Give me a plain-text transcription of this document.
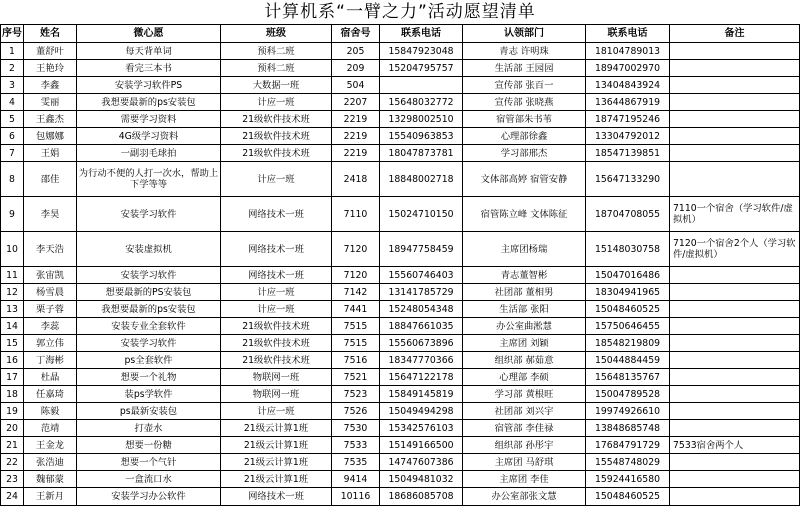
计算机系“一臂之力”活动愿望清单
序号	姓名	微心愿	班级	宿舍号	联系电话	认领部门	联系电话	备注
1	董舒叶	每天背单词	预科二班	205	15847923048	青志 许明珠	18104789013	
2	王艳玲	看完三本书	预科二班	209	15204795757	生活部 王园园	18947002970	
3	李鑫	安装学习软件PS	大数据一班	504		宣传部 张百一	13404843924	
4	雯丽	我想要最新的ps安装包	计应一班	2207	15648032772	宣传部 张晓燕	13644867919	
5	王鑫杰	需要学习资料	21级软件技术班	2219	13298002510	宿管部朱书苇	18747195246	
6	包娜娜	4G级学习资料	21级软件技术班	2219	15540963853	心理部徐鑫	13304792012	
7	王娟	一副羽毛球拍	21级软件技术班	2219	18047873781	学习部邢杰	18547139851	
8	邵佳	为行动不便的人打一次水，帮助上下学等等	计应一班	2418	18848002718	文体部高婷 宿管安静	15647133290	
9	李昊	安装学习软件	网络技术一班	7110	15024710150	宿管陈立峰 文体陈征	18704708055	7110一个宿舍（学习软件/虚拟机）
10	李天浩	安装虚拟机	网络技术一班	7120	18947758459	主席团杨瑞	15148030758	7120一个宿舍2个人（学习软件/虚拟机）
11	张宙凯	安装学习软件	网络技术一班	7120	15560746403	青志董智彬	15047016486	
12	杨雪晨	想要最新的PS安装包	计应一班	7142	13141785729	社团部 董相男	18304941965	
13	栗子蓉	我想要最新的ps安装包	计应一班	7441	15248054348	生活部 张阳	15048460525	
14	李蕊	安装专业全套软件	21级软件技术班	7515	18847661035	办公室曲淞慧	15750646455	
15	郭立伟	安装学习软件	21级软件技术班	7515	15560673896	主席团 刘颖	18548219809	
16	丁海彬	ps全套软件	21级软件技术班	7516	18347770366	组织部 郝茹意	15044884459	
17	杜晶	想要一个礼物	物联网一班	7521	15647122178	心理部 李硕	15648135767	
18	任嘉琦	装ps学软件	物联网一班	7523	15849145819	学习部 黄根旺	15004789528	
19	陈毅	ps最新安装包	计应一班	7526	15049494298	社团部 刘兴宇	19974926610	
20	范靖	打壶水	21级云计算1班	7530	15342576103	宿管部 李佳禄	13848685748	
21	王金龙	想要一份糖	21级云计算1班	7533	15149166500	组织部 孙彤宇	17684791729	7533宿舍两个人
22	张浩迪	想要一个气针	21级云计算1班	7535	14747607386	主席团 马舒琪	15548748029	
23	魏郁蒙	一盒流口水	21级云计算1班	9414	15049481032	主席团 李佳	15924416580	
24	王新月	安装学习办公软件	网络技术一班	10116	18686085708	办公室部张文慧	15048460525	
